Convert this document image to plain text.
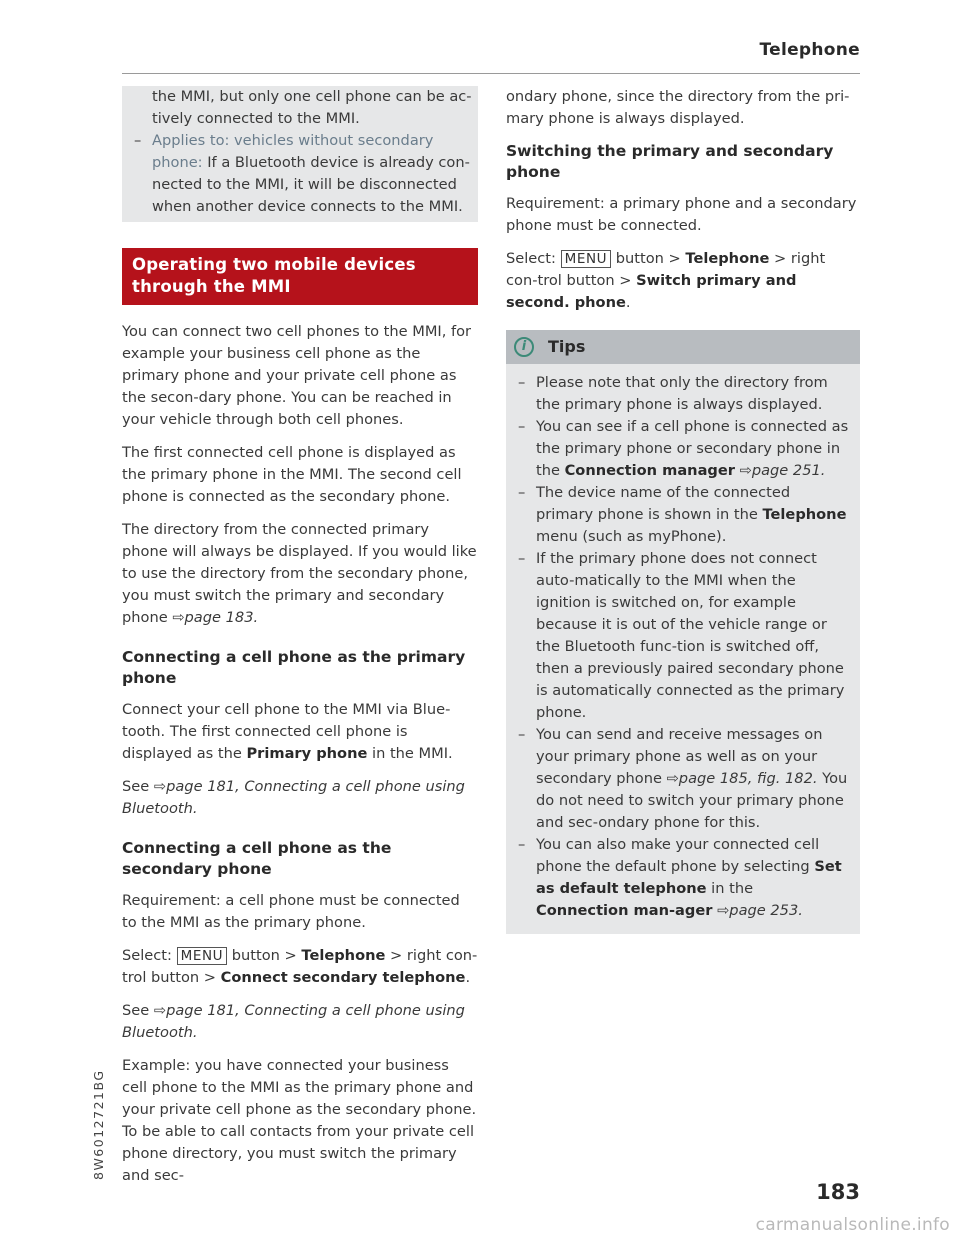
Telephone

the MMI, but only one cell phone can be ac-
tively connected to the MMI.

– Applies to: vehicles without secondary phone: If a Bluetooth device is already con- nected to the MMI, it will be disconnected when another device connects to the MMI.
Operating two mobile devices through the MMI

You can connect two cell phones to the MMI, for example your business cell phone as the primary phone and your private cell phone as the secon-dary phone. You can be reached in your vehicle through both cell phones.

The first connected cell phone is displayed as the primary phone in the MMI. The second cell phone is connected as the secondary phone.

The directory from the connected primary phone will always be displayed. If you would like to use the directory from the secondary phone, you must switch the primary and secondary phone ⇨page 183.

Connecting a cell phone as the primary phone

Connect your cell phone to the MMI via Blue-tooth. The first connected cell phone is displayed as the Primary phone in the MMI.

See ⇨page 181, Connecting a cell phone using Bluetooth.

Connecting a cell phone as the secondary phone

Requirement: a cell phone must be connected to the MMI as the primary phone.

Select: MENU button > Telephone > right con-trol button > Connect secondary telephone.

See ⇨page 181, Connecting a cell phone using Bluetooth.

Example: you have connected your business cell phone to the MMI as the primary phone and your private cell phone as the secondary phone. To be able to call contacts from your private cell phone directory, you must switch the primary and sec-

ondary phone, since the directory from the pri-mary phone is always displayed.

Switching the primary and secondary phone

Requirement: a primary phone and a secondary phone must be connected.

Select: MENU button > Telephone > right con-trol button > Switch primary and second. phone.

i	Tips
– Please note that only the directory from the primary phone is always displayed.
– You can see if a cell phone is connected as the primary phone or secondary phone in the Connection manager ⇨page 251.
– The device name of the connected primary phone is shown in the Telephone menu (such as myPhone).
– If the primary phone does not connect auto-matically to the MMI when the ignition is switched on, for example because it is out of the vehicle range or the Bluetooth func-tion is switched off, then a previously paired secondary phone is automatically connected as the primary phone.
– You can send and receive messages on your primary phone as well as on your secondary phone ⇨page 185, fig. 182. You do not need to switch your primary phone and sec-ondary phone for this.
– You can also make your connected cell phone the default phone by selecting Set as default telephone in the Connection man-ager ⇨page 253.
8W6012721BG
183
carmanualsonline.info
